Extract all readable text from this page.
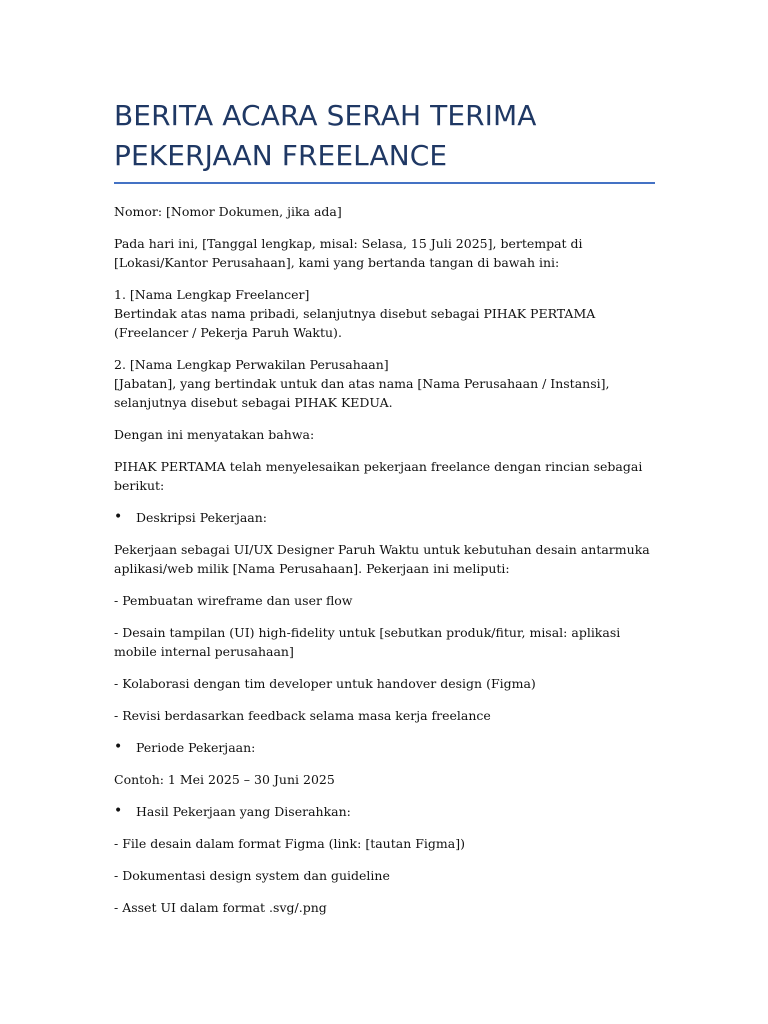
BERITA ACARA SERAH TERIMA
PEKERJAAN FREELANCE

Nomor: [Nomor Dokumen, jika ada]

Pada hari ini, [Tanggal lengkap, misal: Selasa, 15 Juli 2025], bertempat di [Lokasi/Kantor Perusahaan], kami yang bertanda tangan di bawah ini:

1. [Nama Lengkap Freelancer]

Bertindak atas nama pribadi, selanjutnya disebut sebagai PIHAK PERTAMA (Freelancer / Pekerja Paruh Waktu).

2. [Nama Lengkap Perwakilan Perusahaan]

[Jabatan], yang bertindak untuk dan atas nama [Nama Perusahaan / Instansi], selanjutnya disebut sebagai PIHAK KEDUA.

Dengan ini menyatakan bahwa:

PIHAK PERTAMA telah menyelesaikan pekerjaan freelance dengan rincian sebagai berikut:

• Deskripsi Pekerjaan:

Pekerjaan sebagai UI/UX Designer Paruh Waktu untuk kebutuhan desain antarmuka aplikasi/web milik [Nama Perusahaan]. Pekerjaan ini meliputi:

- Pembuatan wireframe dan user flow

- Desain tampilan (UI) high-fidelity untuk [sebutkan produk/fitur, misal: aplikasi mobile internal perusahaan]

- Kolaborasi dengan tim developer untuk handover design (Figma)

- Revisi berdasarkan feedback selama masa kerja freelance

• Periode Pekerjaan:

Contoh: 1 Mei 2025 – 30 Juni 2025

• Hasil Pekerjaan yang Diserahkan:

- File desain dalam format Figma (link: [tautan Figma])

- Dokumentasi design system dan guideline

- Asset UI dalam format .svg/.png
